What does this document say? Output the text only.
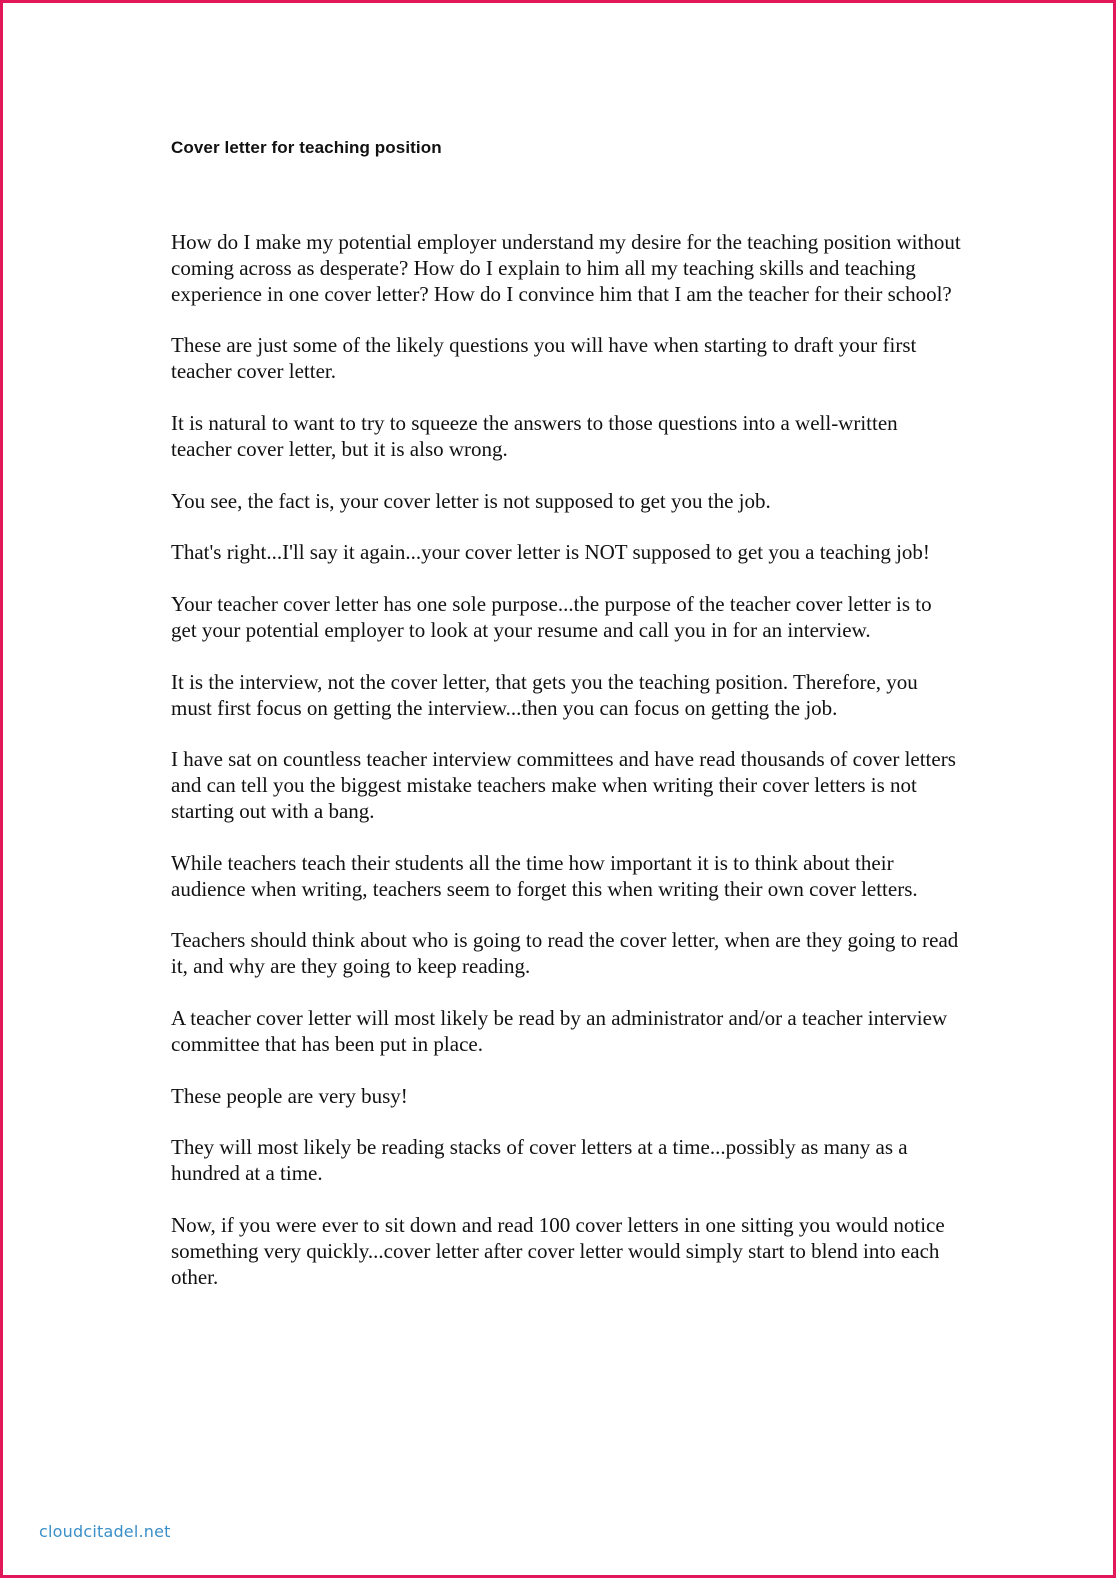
Cover letter for teaching position

How do I make my potential employer understand my desire for the teaching position without coming across as desperate? How do I explain to him all my teaching skills and teaching experience in one cover letter? How do I convince him that I am the teacher for their school?

These are just some of the likely questions you will have when starting to draft your first teacher cover letter.

It is natural to want to try to squeeze the answers to those questions into a well-written teacher cover letter, but it is also wrong.

You see, the fact is, your cover letter is not supposed to get you the job.

That's right...I'll say it again...your cover letter is NOT supposed to get you a teaching job!

Your teacher cover letter has one sole purpose...the purpose of the teacher cover letter is to get your potential employer to look at your resume and call you in for an interview.

It is the interview, not the cover letter, that gets you the teaching position. Therefore, you must first focus on getting the interview...then you can focus on getting the job.

I have sat on countless teacher interview committees and have read thousands of cover letters and can tell you the biggest mistake teachers make when writing their cover letters is not starting out with a bang.

While teachers teach their students all the time how important it is to think about their audience when writing, teachers seem to forget this when writing their own cover letters.

Teachers should think about who is going to read the cover letter, when are they going to read it, and why are they going to keep reading.

A teacher cover letter will most likely be read by an administrator and/or a teacher interview committee that has been put in place.

These people are very busy!

They will most likely be reading stacks of cover letters at a time...possibly as many as a hundred at a time.

Now, if you were ever to sit down and read 100 cover letters in one sitting you would notice something very quickly...cover letter after cover letter would simply start to blend into each other.

cloudcitadel.net
